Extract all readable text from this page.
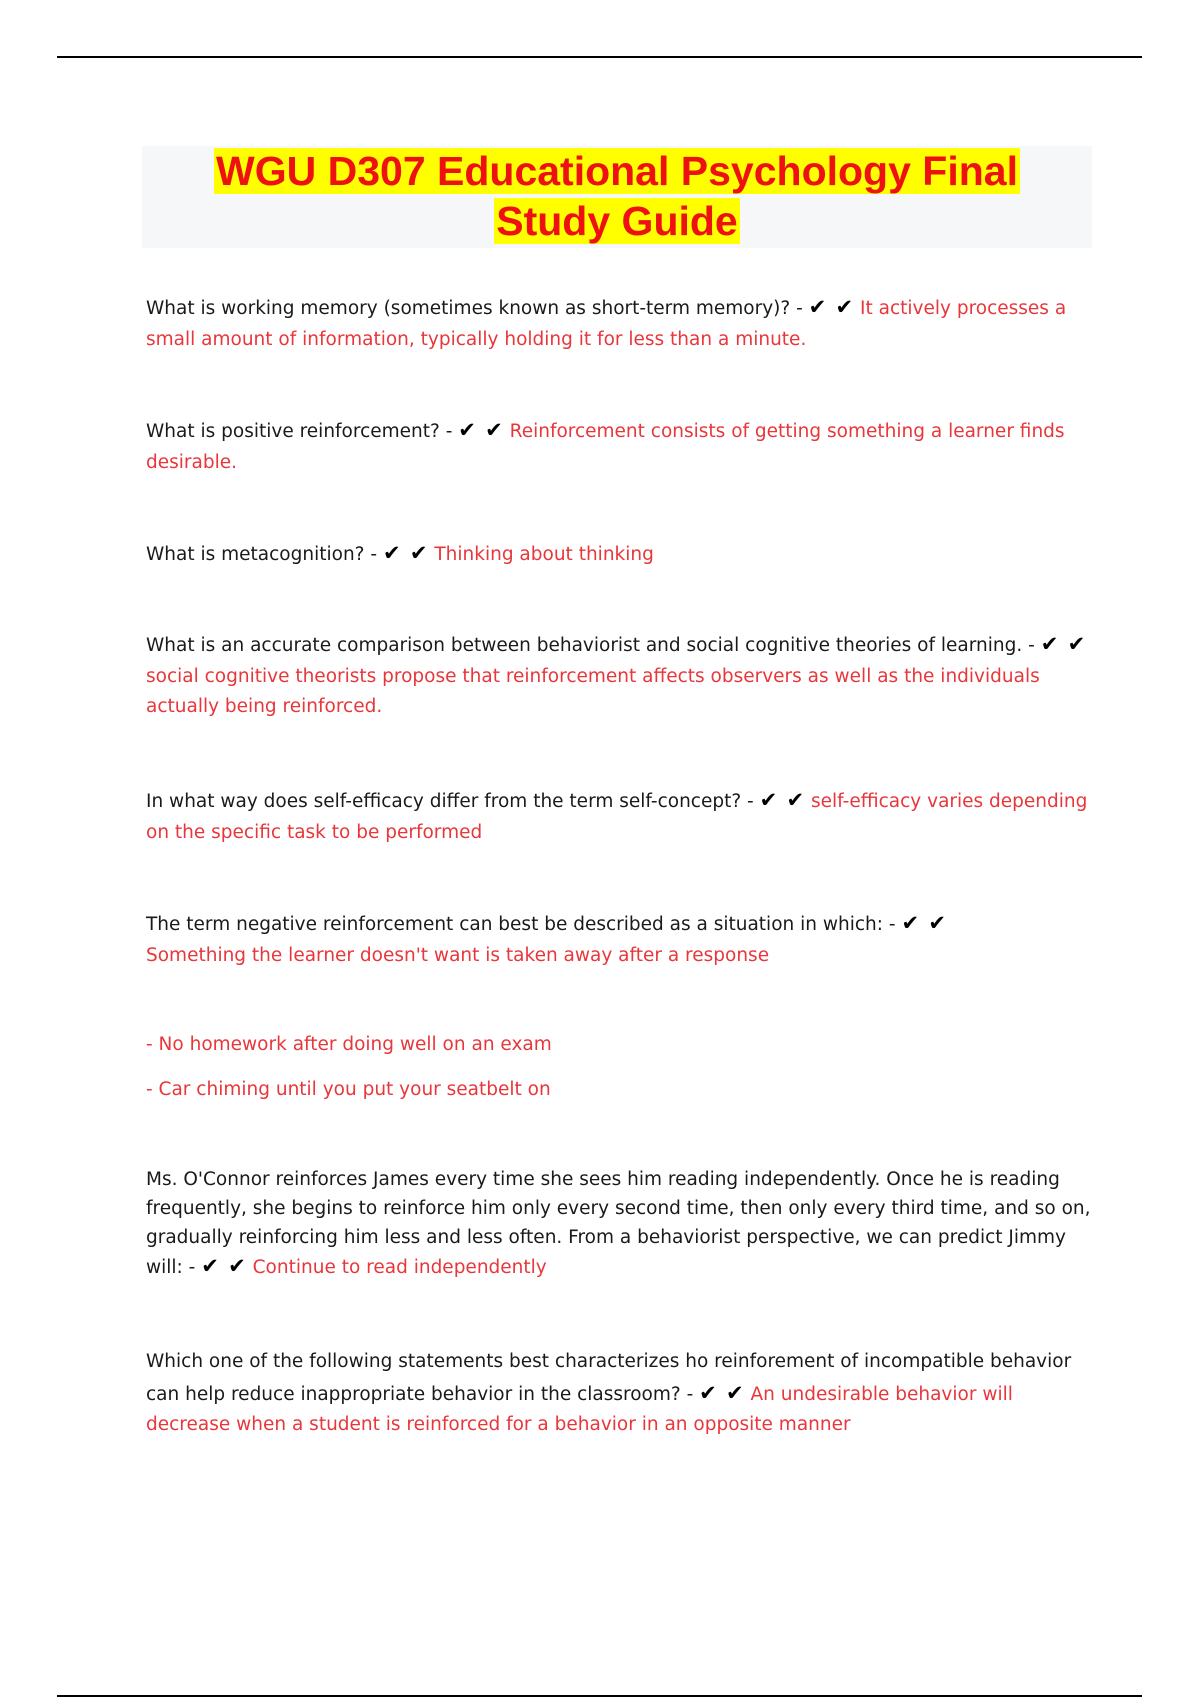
WGU D307 Educational Psychology Final
Study Guide
What is working memory (sometimes known as short-term memory)? - ✔ ✔ It actively processes a small amount of information, typically holding it for less than a minute.
What is positive reinforcement? - ✔ ✔ Reinforcement consists of getting something a learner finds desirable.
What is metacognition? - ✔ ✔ Thinking about thinking
What is an accurate comparison between behaviorist and social cognitive theories of learning. - ✔ ✔ social cognitive theorists propose that reinforcement affects observers as well as the individuals actually being reinforced.
In what way does self-efficacy differ from the term self-concept? - ✔ ✔ self-efficacy varies depending on the specific task to be performed
The term negative reinforcement can best be described as a situation in which: - ✔ ✔
Something the learner doesn't want is taken away after a response
- No homework after doing well on an exam
- Car chiming until you put your seatbelt on
Ms. O'Connor reinforces James every time she sees him reading independently. Once he is reading frequently, she begins to reinforce him only every second time, then only every third time, and so on, gradually reinforcing him less and less often. From a behaviorist perspective, we can predict Jimmy will: - ✔ ✔ Continue to read independently
Which one of the following statements best characterizes ho reinforement of incompatible behavior can help reduce inappropriate behavior in the classroom? - ✔ ✔ An undesirable behavior will decrease when a student is reinforced for a behavior in an opposite manner
